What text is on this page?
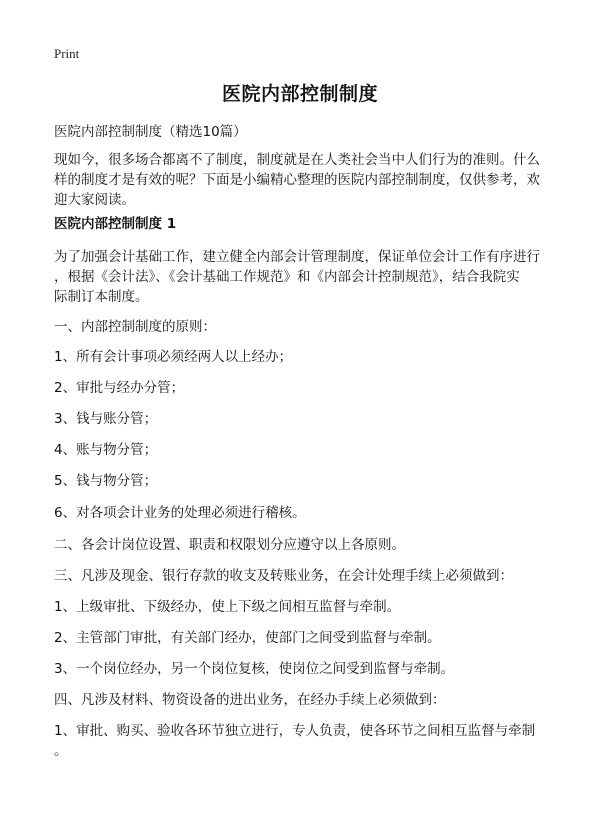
Print
医院内部控制制度
医院内部控制制度（精选10篇）
现如今，很多场合都离不了制度，制度就是在人类社会当中人们行为的准则。什么
样的制度才是有效的呢？下面是小编精心整理的医院内部控制制度，仅供参考，欢
迎大家阅读。
医院内部控制制度 1
为了加强会计基础工作，建立健全内部会计管理制度，保证单位会计工作有序进行
，根据《会计法》、《会计基础工作规范》和《内部会计控制规范》，结合我院实
际制订本制度。
一、内部控制制度的原则：
1、所有会计事项必须经两人以上经办；
2、审批与经办分管；
3、钱与账分管；
4、账与物分管；
5、钱与物分管；
6、对各项会计业务的处理必须进行稽核。
二、各会计岗位设置、职责和权限划分应遵守以上各原则。
三、凡涉及现金、银行存款的收支及转账业务，在会计处理手续上必须做到：
1、上级审批、下级经办，使上下级之间相互监督与牵制。
2、主管部门审批，有关部门经办，使部门之间受到监督与牵制。
3、一个岗位经办，另一个岗位复核，使岗位之间受到监督与牵制。
四、凡涉及材料、物资设备的进出业务，在经办手续上必须做到：
1、审批、购买、验收各环节独立进行，专人负责，使各环节之间相互监督与牵制
。
